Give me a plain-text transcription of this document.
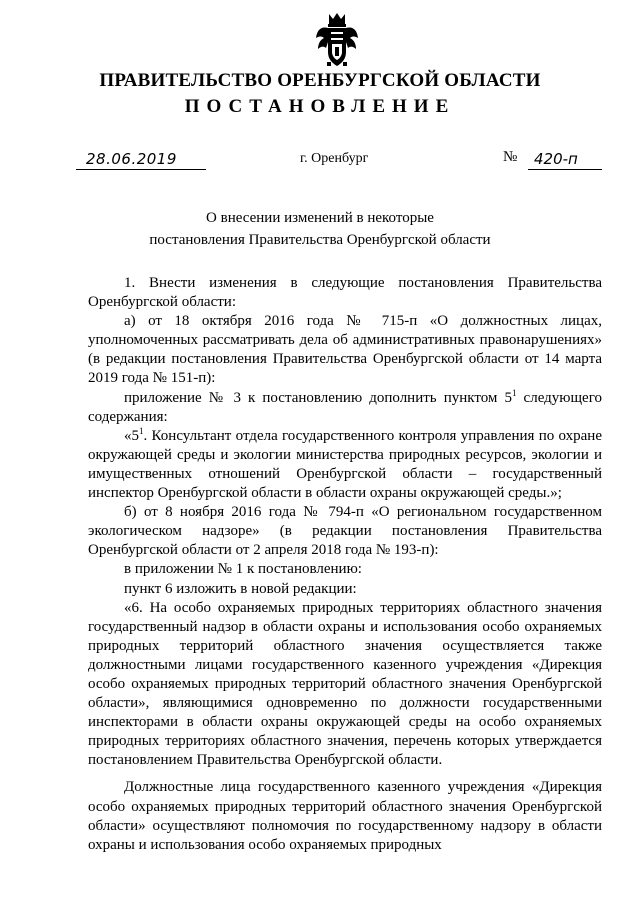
ПРАВИТЕЛЬСТВО ОРЕНБУРГСКОЙ ОБЛАСТИ
ПОСТАНОВЛЕНИЕ
28.06.2019	г. Оренбург	№ 420-п
О внесении изменений в некоторые
постановления Правительства Оренбургской области

1. Внести изменения в следующие постановления Правительства Оренбургской области:

а) от 18 октября 2016 года № 715-п «О должностных лицах, уполномоченных рассматривать дела об административных правонарушениях» (в редакции постановления Правительства Оренбургской области от 14 марта 2019 года № 151-п):

приложение № 3 к постановлению дополнить пунктом $5^1$ следующего содержания:

«$5^1$. Консультант отдела государственного контроля управления по охране окружающей среды и экологии министерства природных ресурсов, экологии и имущественных отношений Оренбургской области – государственный инспектор Оренбургской области в области охраны окружающей среды.»;

б) от 8 ноября 2016 года № 794-п «О региональном государственном экологическом надзоре» (в редакции постановления Правительства Оренбургской области от 2 апреля 2018 года № 193-п):

в приложении № 1 к постановлению:

пункт 6 изложить в новой редакции:

«6. На особо охраняемых природных территориях областного значения государственный надзор в области охраны и использования особо охраняемых природных территорий областного значения осуществляется также должностными лицами государственного казенного учреждения «Дирекция особо охраняемых природных территорий областного значения Оренбургской области», являющимися одновременно по должности государственными инспекторами в области охраны окружающей среды на особо охраняемых природных территориях областного значения, перечень которых утверждается постановлением Правительства Оренбургской области.

Должностные лица государственного казенного учреждения «Дирекция особо охраняемых природных территорий областного значения Оренбургской области» осуществляют полномочия по государственному надзору в области охраны и использования особо охраняемых природных
